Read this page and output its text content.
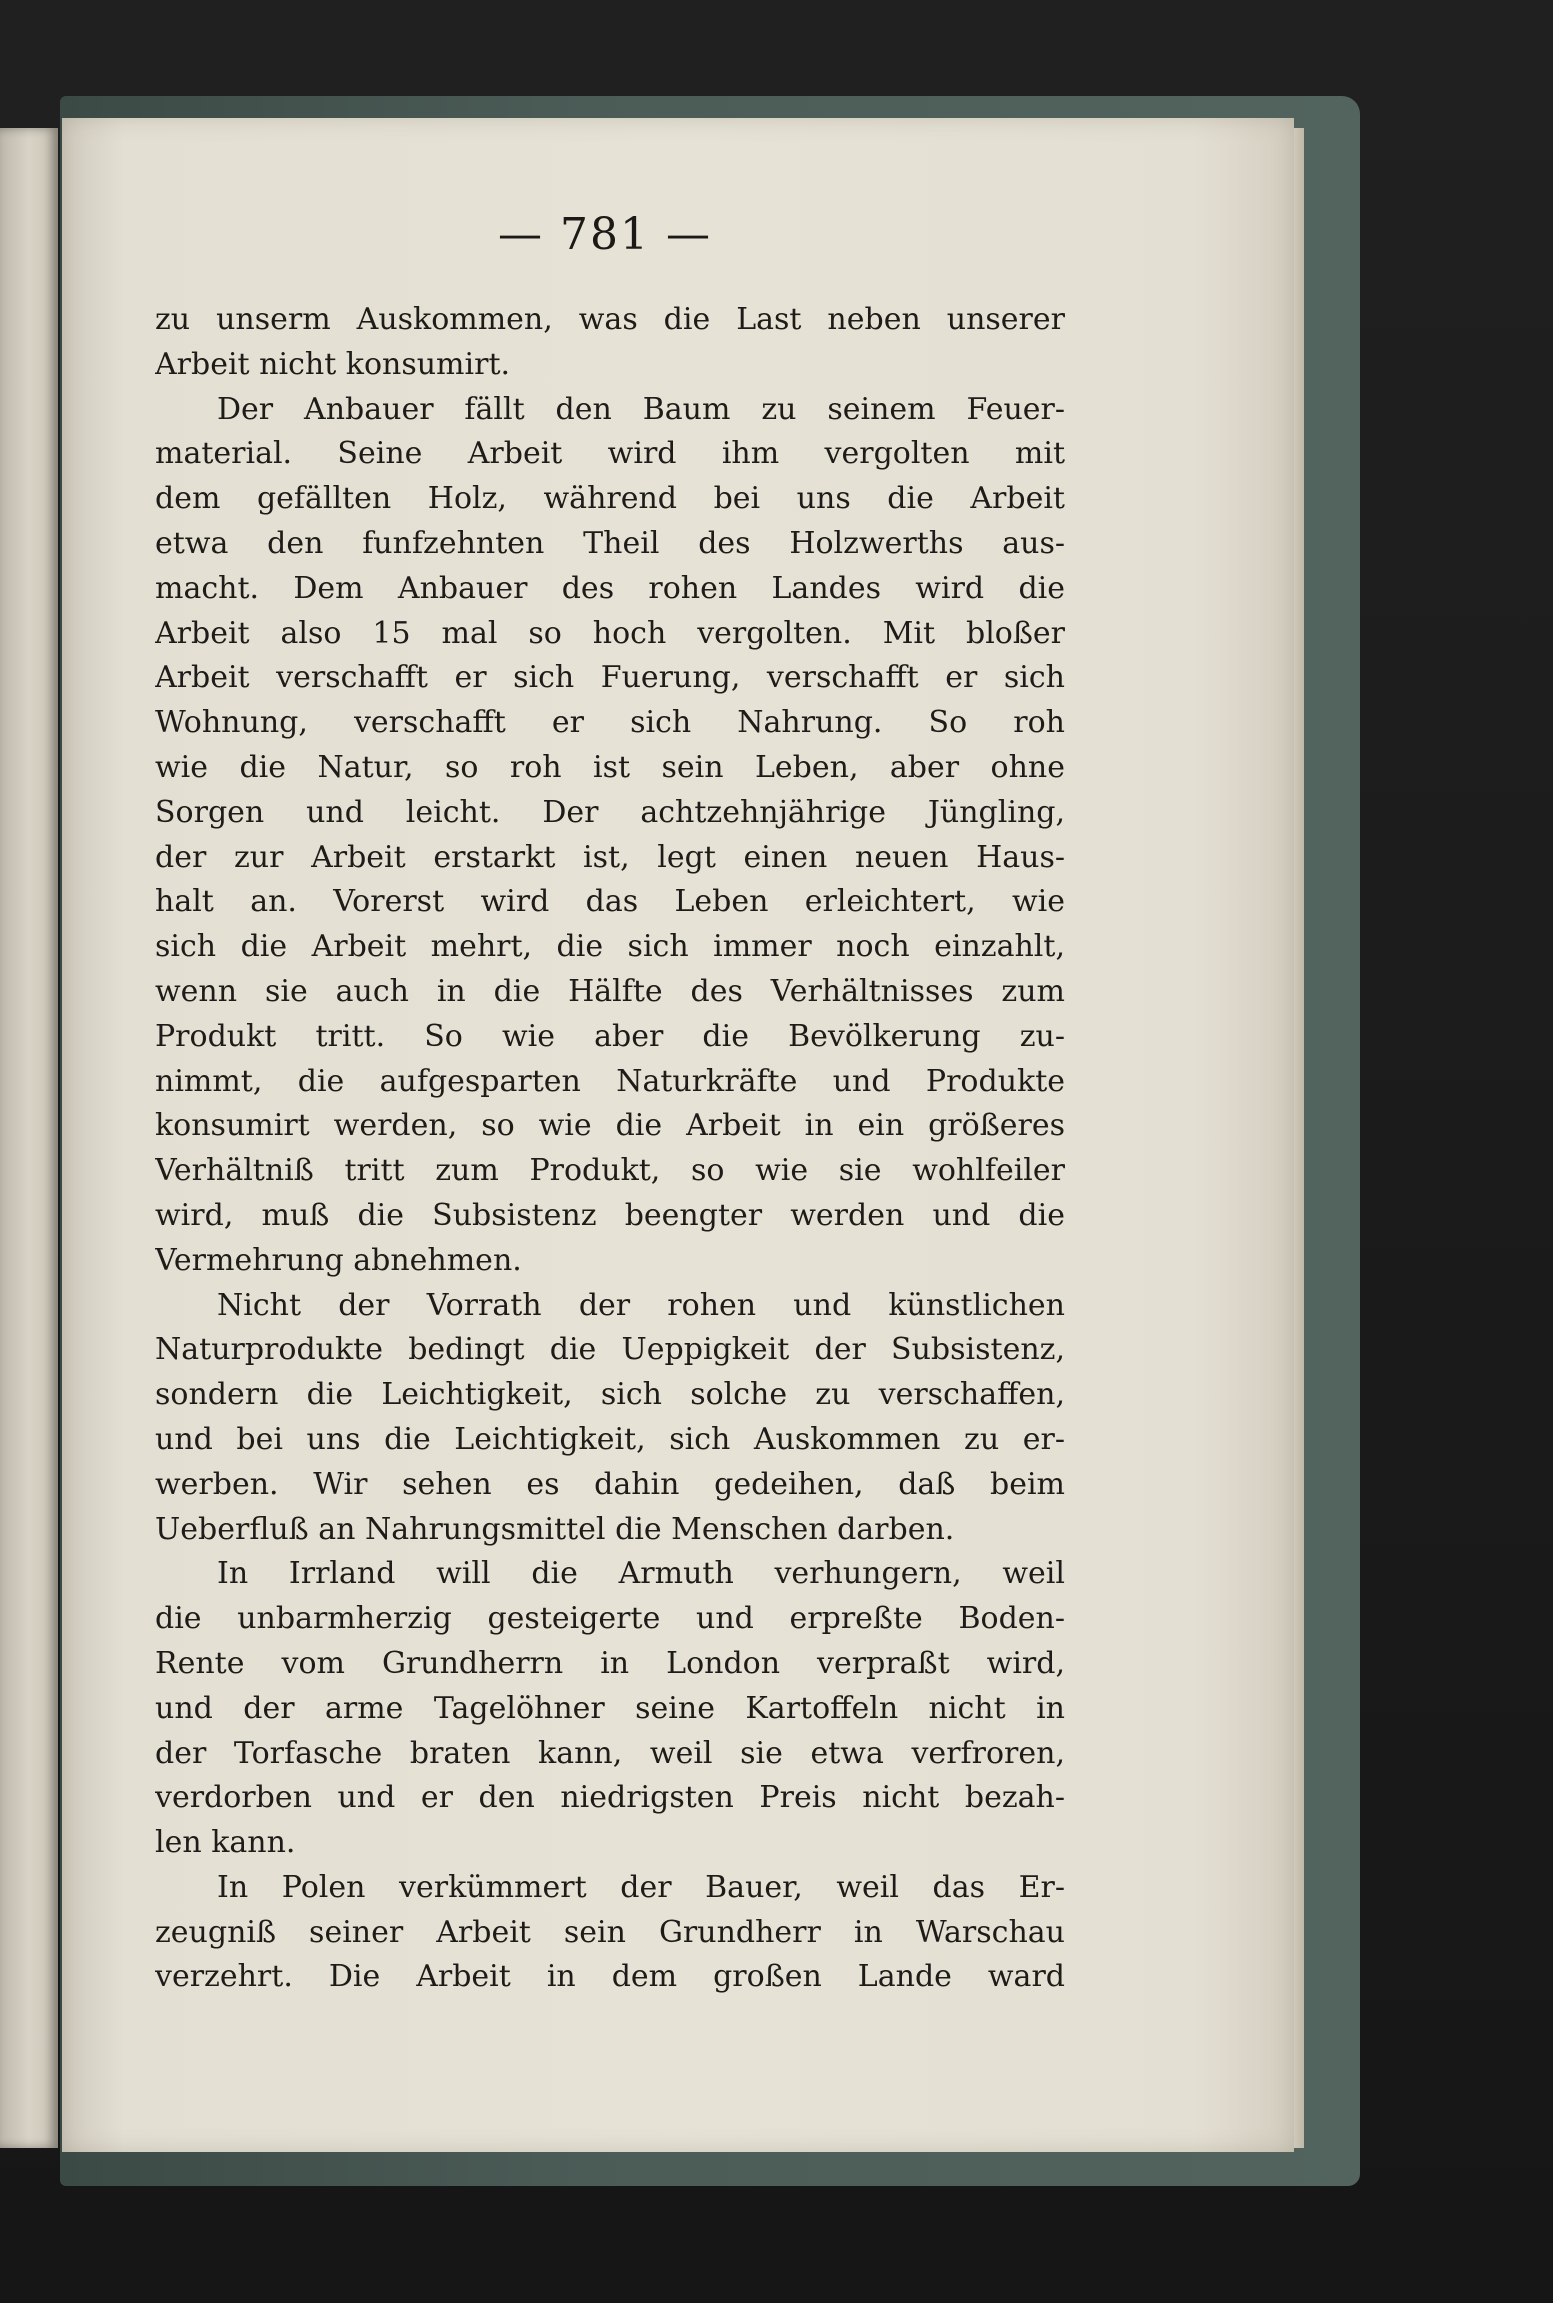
— 781 —
zu unserm Auskommen, was die Last neben unserer
Arbeit nicht konsumirt.
Der Anbauer fällt den Baum zu seinem Feuer-
material. Seine Arbeit wird ihm vergolten mit
dem gefällten Holz, während bei uns die Arbeit
etwa den funfzehnten Theil des Holzwerths aus-
macht. Dem Anbauer des rohen Landes wird die
Arbeit also 15 mal so hoch vergolten. Mit bloßer
Arbeit verschafft er sich Fuerung, verschafft er sich
Wohnung, verschafft er sich Nahrung. So roh
wie die Natur, so roh ist sein Leben, aber ohne
Sorgen und leicht. Der achtzehnjährige Jüngling,
der zur Arbeit erstarkt ist, legt einen neuen Haus-
halt an. Vorerst wird das Leben erleichtert, wie
sich die Arbeit mehrt, die sich immer noch einzahlt,
wenn sie auch in die Hälfte des Verhältnisses zum
Produkt tritt. So wie aber die Bevölkerung zu-
nimmt, die aufgesparten Naturkräfte und Produkte
konsumirt werden, so wie die Arbeit in ein größeres
Verhältniß tritt zum Produkt, so wie sie wohlfeiler
wird, muß die Subsistenz beengter werden und die
Vermehrung abnehmen.
Nicht der Vorrath der rohen und künstlichen
Naturprodukte bedingt die Ueppigkeit der Subsistenz,
sondern die Leichtigkeit, sich solche zu verschaffen,
und bei uns die Leichtigkeit, sich Auskommen zu er-
werben. Wir sehen es dahin gedeihen, daß beim
Ueberfluß an Nahrungsmittel die Menschen darben.
In Irrland will die Armuth verhungern, weil
die unbarmherzig gesteigerte und erpreßte Boden-
Rente vom Grundherrn in London verpraßt wird,
und der arme Tagelöhner seine Kartoffeln nicht in
der Torfasche braten kann, weil sie etwa verfroren,
verdorben und er den niedrigsten Preis nicht bezah-
len kann.
In Polen verkümmert der Bauer, weil das Er-
zeugniß seiner Arbeit sein Grundherr in Warschau
verzehrt. Die Arbeit in dem großen Lande ward
